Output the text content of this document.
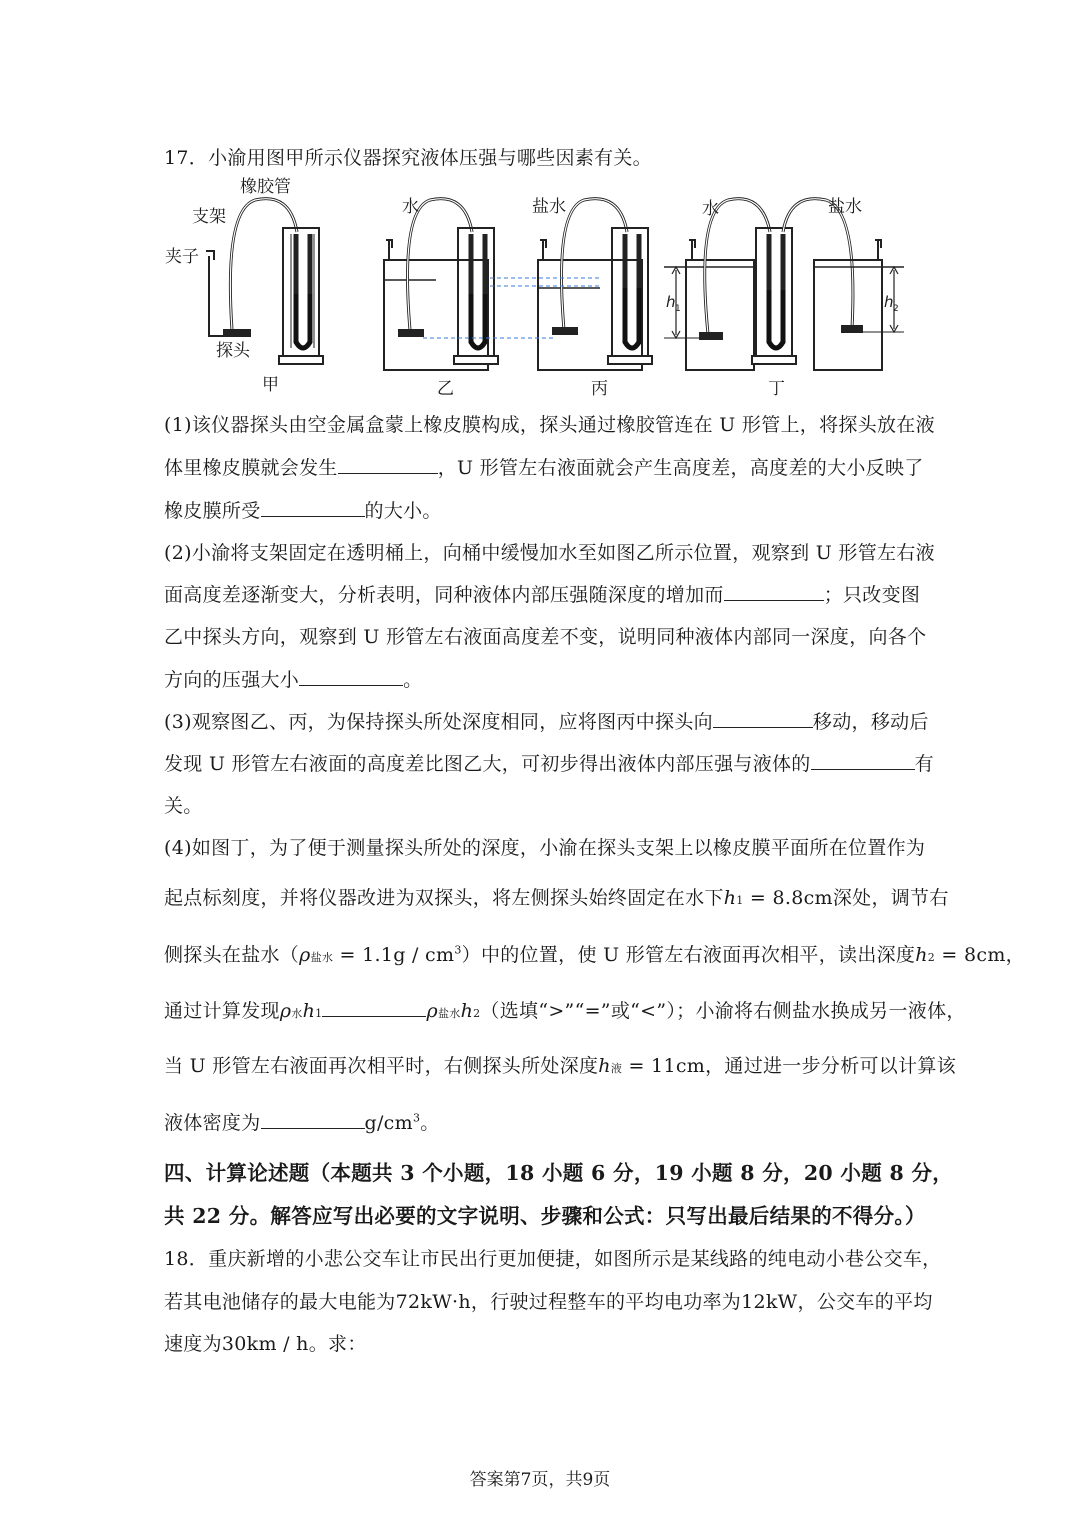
17．小渝用图甲所示仪器探究液体压强与哪些因素有关。
橡胶管
支架
夹子
探头
水	盐水	水	盐水
h 1	h 2
甲	乙	丙	丁
(1)该仪器探头由空金属盒蒙上橡皮膜构成，探头通过橡胶管连在 U 形管上，将探头放在液
体里橡皮膜就会发生	，U 形管左右液面就会产生高度差，高度差的大小反映了
橡皮膜所受	的大小。
(2)小渝将支架固定在透明桶上，向桶中缓慢加水至如图乙所示位置，观察到 U 形管左右液
面高度差逐渐变大，分析表明，同种液体内部压强随深度的增加而	；只改变图
乙中探头方向，观察到 U 形管左右液面高度差不变，说明同种液体内部同一深度，向各个
方向的压强大小	。
(3)观察图乙、丙，为保持探头所处深度相同，应将图丙中探头向	移动，移动后
发现 U 形管左右液面的高度差比图乙大，可初步得出液体内部压强与液体的	有
关。
(4)如图丁，为了便于测量探头所处的深度，小渝在探头支架上以橡皮膜平面所在位置作为
起点标刻度，并将仪器改进为双探头，将左侧探头始终固定在水下h1 = 8.8cm深处，调节右
侧探头在盐水（ρ盐水 = $1.1g / cm^3$）中的位置，使 U 形管左右液面再次相平，读出深度h2 = 8cm，
通过计算发现ρ水h1	ρ盐水h2（选填“>”“=”或“<”）；小渝将右侧盐水换成另一液体，
当 U 形管左右液面再次相平时，右侧探头所处深度h液 = 11cm，通过进一步分析可以计算该
液体密度为	$g/cm^3$。
四、计算论述题（本题共 3 个小题，18 小题 6 分，19 小题 8 分，20 小题 8 分，
共 22 分。解答应写出必要的文字说明、步骤和公式：只写出最后结果的不得分。）
18．重庆新增的小悲公交车让市民出行更加便捷，如图所示是某线路的纯电动小巷公交车，
若其电池储存的最大电能为72kW·h，行驶过程整车的平均电功率为12kW，公交车的平均
速度为30km / h。求：
答案第7页，共9页
